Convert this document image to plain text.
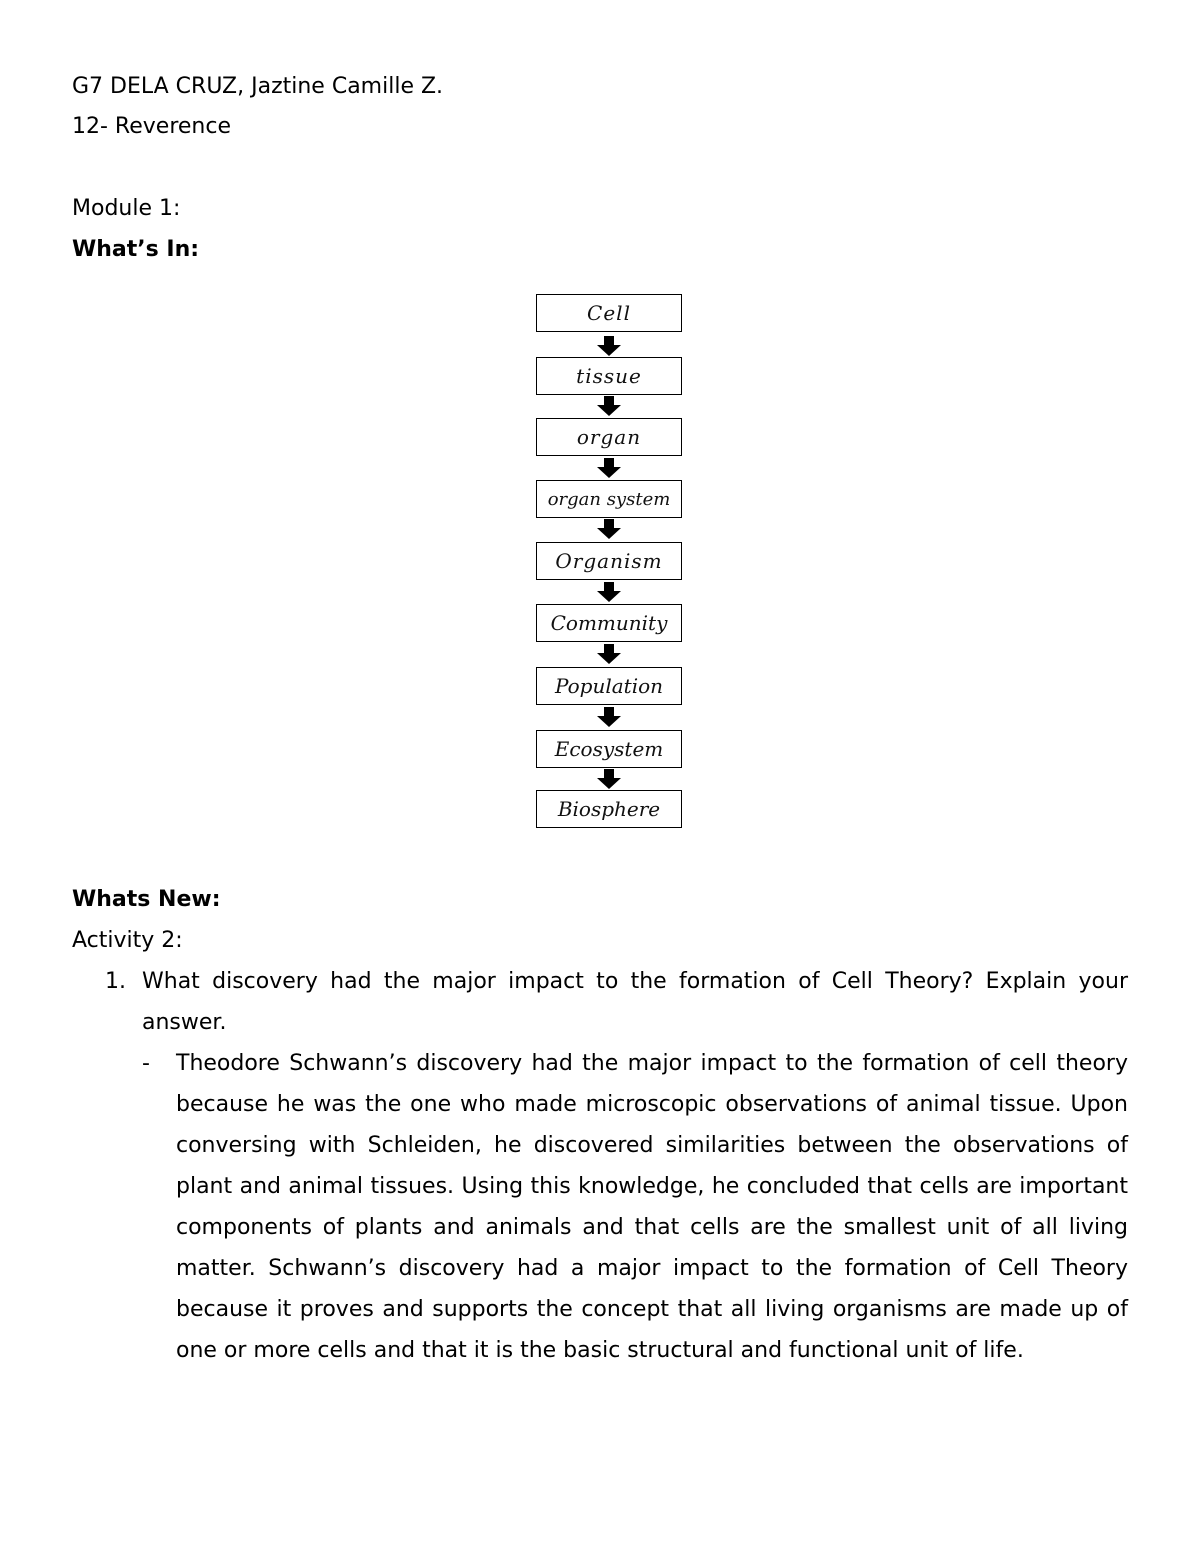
G7 DELA CRUZ, Jaztine Camille Z.
12- Reverence
Module 1:
What’s In:
Cell
tissue
organ
organ system
Organism
Community
Population
Ecosystem
Biosphere
Whats New:
Activity 2:
1. What discovery had the major impact to the formation of Cell Theory? Explain your answer.
- Theodore Schwann’s discovery had the major impact to the formation of cell theory because he was the one who made microscopic observations of animal tissue. Upon conversing with Schleiden, he discovered similarities between the observations of plant and animal tissues. Using this knowledge, he concluded that cells are important components of plants and animals and that cells are the smallest unit of all living matter. Schwann’s discovery had a major impact to the formation of Cell Theory because it proves and supports the concept that all living organisms are made up of one or more cells and that it is the basic structural and functional unit of life.
